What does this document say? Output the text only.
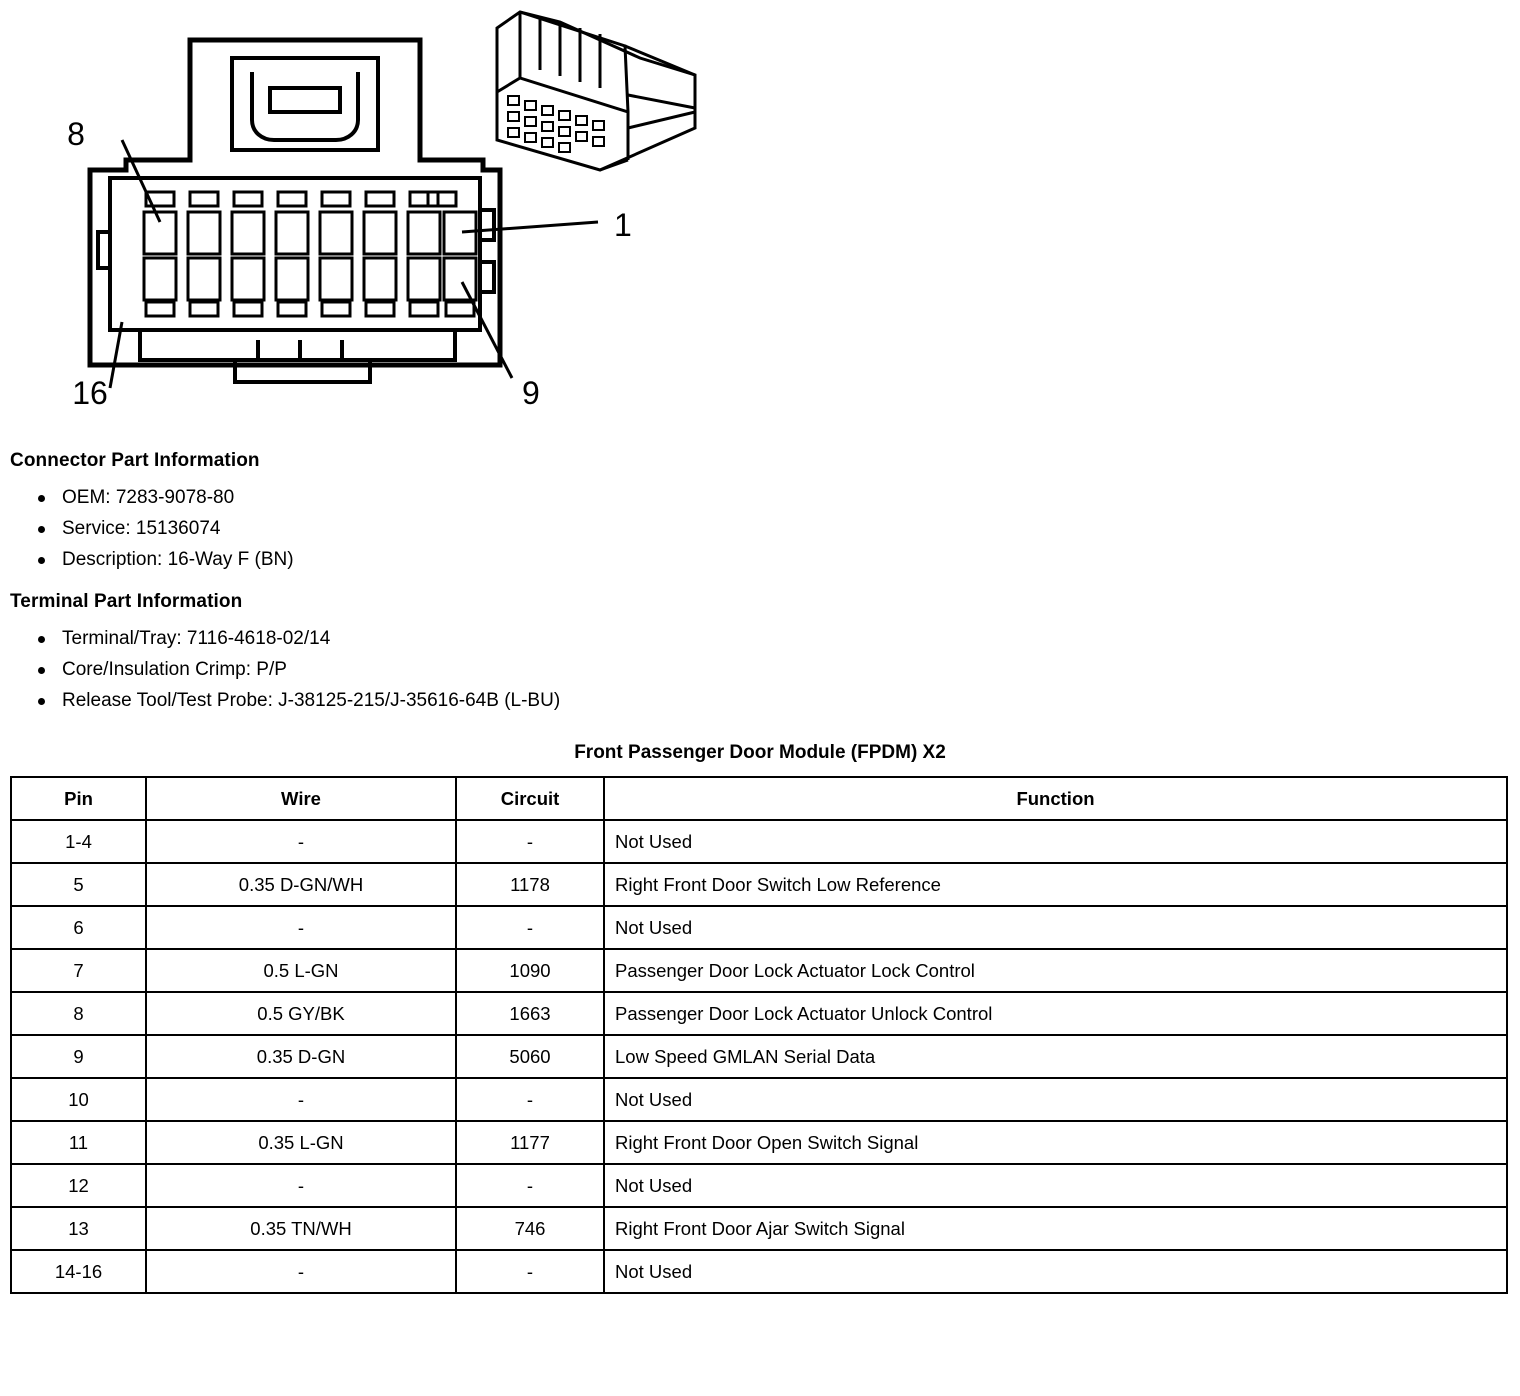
8
1
16	9
Connector Part Information
OEM: 7283-9078-80
Service: 15136074
Description: 16-Way F (BN)
Terminal Part Information
Terminal/Tray: 7116-4618-02/14
Core/Insulation Crimp: P/P
Release Tool/Test Probe: J-38125-215/J-35616-64B (L-BU)
Front Passenger Door Module (FPDM) X2
Pin	Wire	Circuit	Function
1-4	-	-	Not Used
5	0.35 D-GN/WH	1178	Right Front Door Switch Low Reference
6	-	-	Not Used
7	0.5 L-GN	1090	Passenger Door Lock Actuator Lock Control
8	0.5 GY/BK	1663	Passenger Door Lock Actuator Unlock Control
9	0.35 D-GN	5060	Low Speed GMLAN Serial Data
10	-	-	Not Used
11	0.35 L-GN	1177	Right Front Door Open Switch Signal
12	-	-	Not Used
13	0.35 TN/WH	746	Right Front Door Ajar Switch Signal
14-16	-	-	Not Used
